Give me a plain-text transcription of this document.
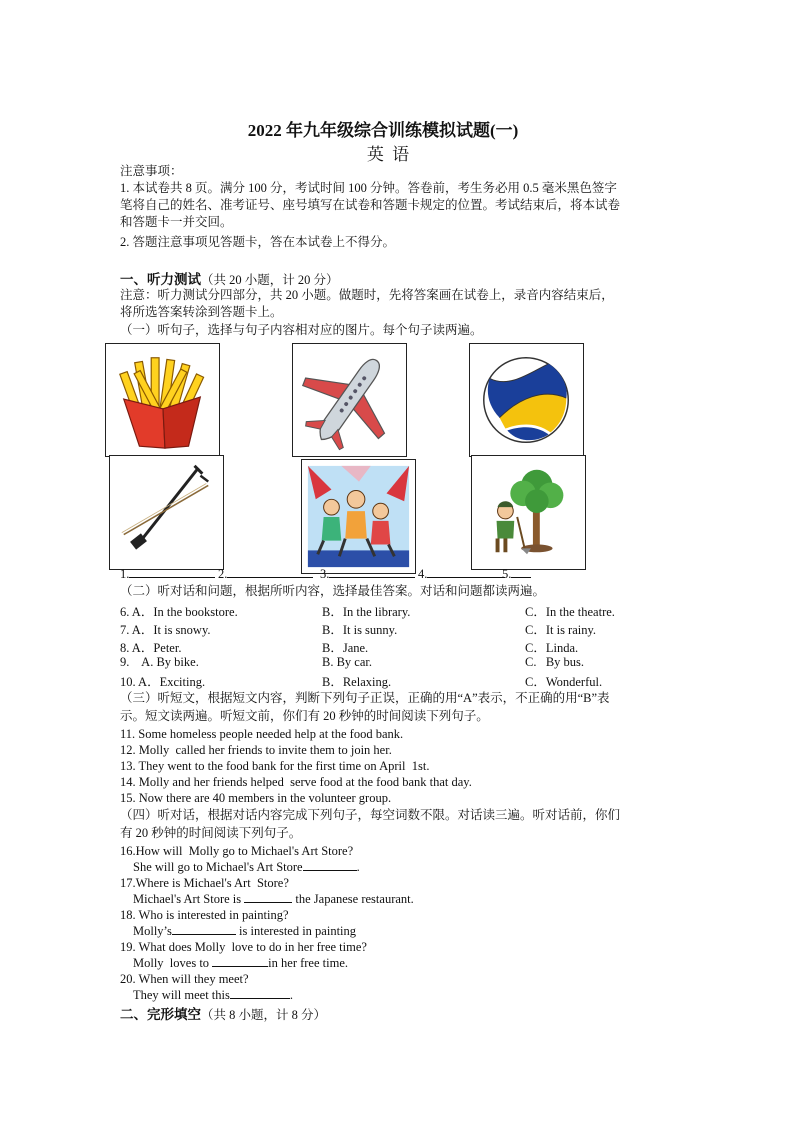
2022 年九年级综合训练模拟试题(一)
英 语
注意事项：
1. 本试卷共 8 页。满分 100 分，考试时间 100 分钟。答卷前，考生务必用 0.5 毫米黑色签字
笔将自己的姓名、准考证号、座号填写在试卷和答题卡规定的位置。考试结束后，将本试卷
和答题卡一并交回。
2. 答题注意事项见答题卡，答在本试卷上不得分。
一、听力测试（共 20 小题，计 20 分）
注意：听力测试分四部分，共 20 小题。做题时，先将答案画在试卷上，录音内容结束后，
将所选答案转涂到答题卡上。
（一）听句子，选择与句子内容相对应的图片。每个句子读两遍。
1.	2.	3.	4.	5.
（二）听对话和问题，根据所听内容，选择最佳答案。对话和问题都读两遍。
6. A．In the bookstore.	B．In the library.	C．In the theatre.
7. A．It is snowy.	B．It is sunny.	C．It is rainy.
8. A．Peter.	B．Jane.	C．Linda.
9.    A. By bike.	B. By car.	C.   By bus.
10. A．Exciting.	B．Relaxing.	C．Wonderful.
（三）听短文，根据短文内容，判断下列句子正误，正确的用“A”表示，不正确的用“B”表
示。短文读两遍。听短文前，你们有 20 秒钟的时间阅读下列句子。
11. Some homeless people needed help at the food bank.
12. Molly  called her friends to invite them to join her.
13. They went to the food bank for the first time on April  1st.
14. Molly and her friends helped  serve food at the food bank that day.
15. Now there are 40 members in the volunteer group.
（四）听对话，根据对话内容完成下列句子，每空词数不限。对话读三遍。听对话前，你们
有 20 秒钟的时间阅读下列句子。
16.How will  Molly go to Michael's Art Store?
She will go to Michael's Art Store	.
17.Where is Michael's Art  Store?
Michael's Art Store is	the Japanese restaurant.
18. Who is interested in painting?
Molly’s	is interested in painting
19. What does Molly  love to do in her free time?
Molly  loves to	in her free time.
20. When will they meet?
They will meet this	.
二、完形填空（共 8 小题，计 8 分）
